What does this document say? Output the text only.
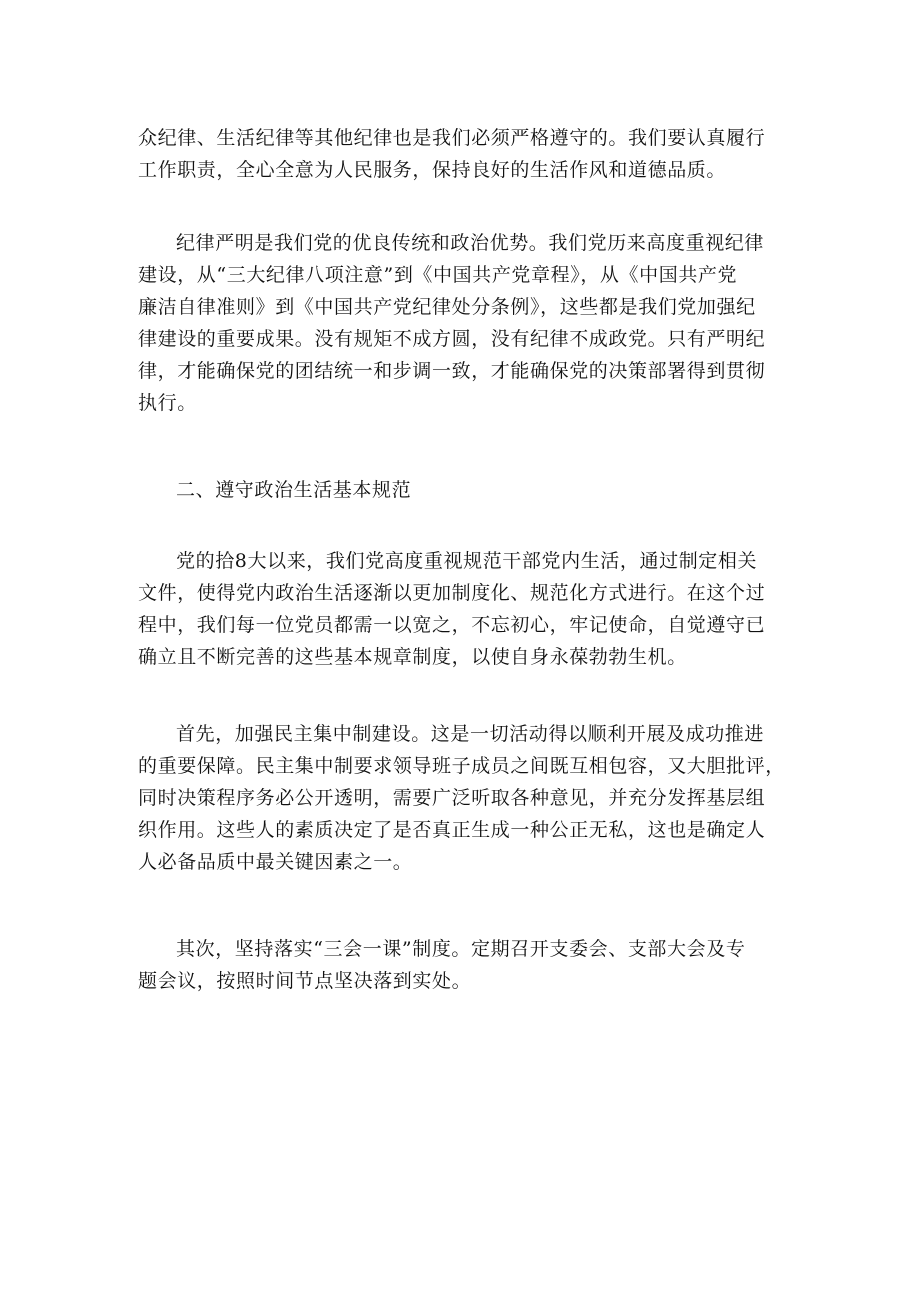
众纪律、生活纪律等其他纪律也是我们必须严格遵守的。我们要认真履行
工作职责，全心全意为人民服务，保持良好的生活作风和道德品质。
纪律严明是我们党的优良传统和政治优势。我们党历来高度重视纪律
建设，从“三大纪律八项注意”到《中国共产党章程》，从《中国共产党
廉洁自律准则》到《中国共产党纪律处分条例》，这些都是我们党加强纪
律建设的重要成果。没有规矩不成方圆，没有纪律不成政党。只有严明纪
律，才能确保党的团结统一和步调一致，才能确保党的决策部署得到贯彻
执行。
二、遵守政治生活基本规范
党的拾8大以来，我们党高度重视规范干部党内生活，通过制定相关
文件，使得党内政治生活逐渐以更加制度化、规范化方式进行。在这个过
程中，我们每一位党员都需一以宽之，不忘初心，牢记使命，自觉遵守已
确立且不断完善的这些基本规章制度，以使自身永葆勃勃生机。
首先，加强民主集中制建设。这是一切活动得以顺利开展及成功推进
的重要保障。民主集中制要求领导班子成员之间既互相包容，又大胆批评，
同时决策程序务必公开透明，需要广泛听取各种意见，并充分发挥基层组
织作用。这些人的素质决定了是否真正生成一种公正无私，这也是确定人
人必备品质中最关键因素之一。
其次，坚持落实“三会一课”制度。定期召开支委会、支部大会及专
题会议，按照时间节点坚决落到实处。
